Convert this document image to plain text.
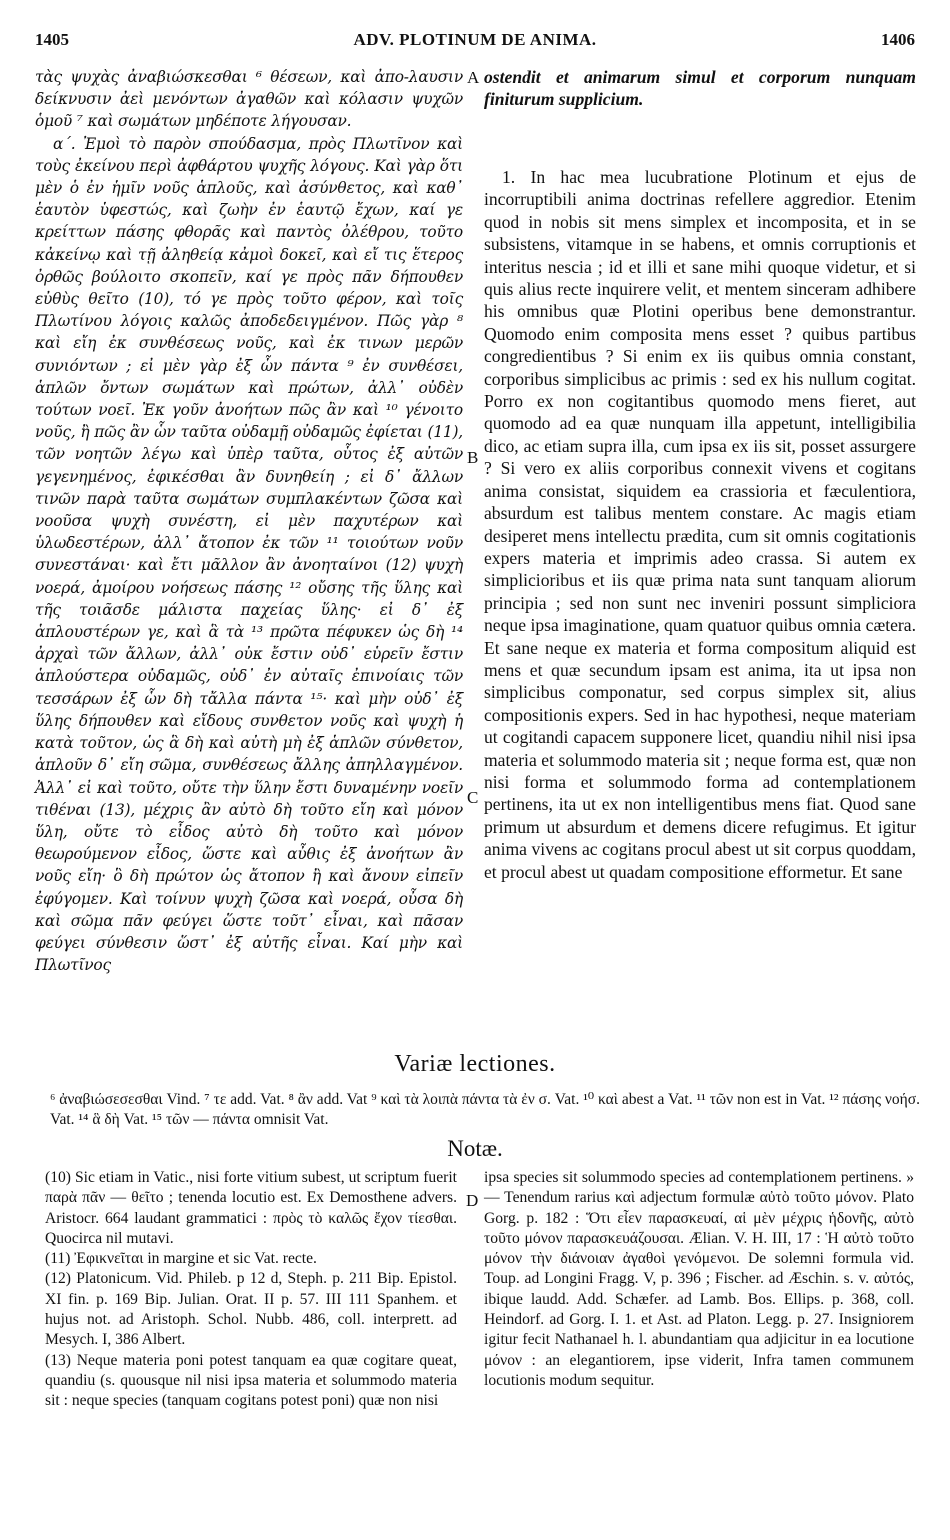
1405	ADV. PLOTINUM DE ANIMA.	1406

τὰς ψυχὰς ἀναβιώσκεσθαι ⁶ θέσεων, καὶ ἀπο-λαυσιν δείκνυσιν ἀεὶ μενόντων ἀγαθῶν καὶ κόλασιν ψυχῶν ὁμοῦ ⁷ καὶ σωμάτων μηδέποτε λήγουσαν.

α΄. Ἐμοὶ τὸ παρὸν σπούδασμα, πρὸς Πλωτῖνον καὶ τοὺς ἐκείνου περὶ ἀφθάρτου ψυχῆς λόγους. Καὶ γὰρ ὅτι μὲν ὁ ἐν ἡμῖν νοῦς ἁπλοῦς, καὶ ἀσύνθετος, καὶ καθ᾽ ἑαυτὸν ὑφεστώς, καὶ ζωὴν ἐν ἑαυτῷ ἔχων, καί γε κρείττων πάσης φθορᾶς καὶ παντὸς ὀλέθρου, τοῦτο κἀκείνῳ καὶ τῇ ἀληθείᾳ κἀμοὶ δοκεῖ, καὶ εἴ τις ἕτερος ὀρθῶς βούλοιτο σκοπεῖν, καί γε πρὸς πᾶν δήπουθεν εὐθὺς θεῖτο (10), τό γε πρὸς τοῦτο φέρον, καὶ τοῖς Πλωτίνου λόγοις καλῶς ἀποδεδειγμένον. Πῶς γὰρ ⁸ καὶ εἴη ἐκ συνθέσεως νοῦς, καὶ ἐκ τινων μερῶν συνιόντων ; εἰ μὲν γὰρ ἐξ ὧν πάντα ⁹ ἐν συνθέσει, ἁπλῶν ὄντων σωμάτων καὶ πρώτων, ἀλλ᾽ οὐδὲν τούτων νοεῖ. Ἐκ γοῦν ἀνοήτων πῶς ἂν καὶ ¹⁰ γένοιτο νοῦς, ἢ πῶς ἂν ὧν ταῦτα οὐδαμῇ οὐδαμῶς ἐφίεται (11), τῶν νοητῶν λέγω καὶ ὑπὲρ ταῦτα, οὗτος ἐξ αὐτῶν γεγενημένος, ἐφικέσθαι ἂν δυνηθείη ; εἰ δ᾽ ἄλλων τινῶν παρὰ ταῦτα σωμάτων συμπλακέντων ζῶσα καὶ νοοῦσα ψυχὴ συνέστη, εἰ μὲν παχυτέρων καὶ ὑλωδεστέρων, ἀλλ᾽ ἄτοπον ἐκ τῶν ¹¹ τοιούτων νοῦν συνεστάναι· καὶ ἔτι μᾶλλον ἂν ἀνοηταίνοι (12) ψυχὴ νοερά, ἀμοίρου νοήσεως πάσης ¹² οὔσης τῆς ὕλης καὶ τῆς τοιᾶσδε μάλιστα παχείας ὕλης· εἰ δ᾽ ἐξ ἁπλουστέρων γε, καὶ ἃ τὰ ¹³ πρῶτα πέφυκεν ὡς δὴ ¹⁴ ἀρχαὶ τῶν ἄλλων, ἀλλ᾽ οὐκ ἔστιν οὐδ᾽ εὑρεῖν ἔστιν ἁπλούστερα οὐδαμῶς, οὐδ᾽ ἐν αὐταῖς ἐπινοίαις τῶν τεσσάρων ἐξ ὧν δὴ τἄλλα πάντα ¹⁵· καὶ μὴν οὐδ᾽ ἐξ ὕλης δήπουθεν καὶ εἴδους συνθετον νοῦς καὶ ψυχὴ ἡ κατὰ τοῦτον, ὡς ἃ δὴ καὶ αὐτὴ μὴ ἐξ ἁπλῶν σύνθετον, ἁπλοῦν δ᾽ εἴη σῶμα, συνθέσεως ἄλλης ἀπηλλαγμένον. Ἀλλ᾽ εἰ καὶ τοῦτο, οὔτε τὴν ὕλην ἔστι δυναμένην νοεῖν τιθέναι (13), μέχρις ἂν αὐτὸ δὴ τοῦτο εἴη καὶ μόνον ὕλη, οὔτε τὸ εἶδος αὐτὸ δὴ τοῦτο καὶ μόνον θεωρούμενον εἶδος, ὥστε καὶ αὖθις ἐξ ἀνοήτων ἂν νοῦς εἴη· ὃ δὴ πρώτον ὡς ἄτοπον ἢ καὶ ἄνουν εἰπεῖν ἐφύγομεν. Καὶ τοίνυν ψυχὴ ζῶσα καὶ νοερά, οὖσα δὴ καὶ σῶμα πᾶν φεύγει ὥστε τοῦτ᾽ εἶναι, καὶ πᾶσαν φεύγει σύνθεσιν ὥστ᾽ ἐξ αὐτῆς εἶναι. Καί μὴν καὶ Πλωτῖνος

A
B
C
D

ostendit et animarum simul et corporum nunquam finiturum supplicium.

1. In hac mea lucubratione Plotinum et ejus de incorruptibili anima doctrinas refellere aggredior. Etenim quod in nobis sit mens simplex et incomposita, et in se subsistens, vitamque in se habens, et omnis corruptionis et interitus nescia ; id et illi et sane mihi quoque videtur, et si quis alius recte inquirere velit, et mentem sinceram adhibere his omnibus quæ Plotini operibus bene demonstrantur. Quomodo enim composita mens esset ? quibus partibus congredientibus ? Si enim ex iis quibus omnia constant, corporibus simplicibus ac primis : sed ex his nullum cogitat. Porro ex non cogitantibus quomodo mens fieret, aut quomodo ad ea quæ nunquam illa appetunt, intelligibilia dico, ac etiam supra illa, cum ipsa ex iis sit, posset assurgere ? Si vero ex aliis corporibus connexit vivens et cogitans anima consistat, siquidem ea crassioria et fæculentiora, absurdum est talibus mentem constare. Ac magis etiam desiperet mens intellectu prædita, cum sit omnis cogitationis expers materia et imprimis adeo crassa. Si autem ex simplicioribus et iis quæ prima nata sunt tanquam aliorum principia ; sed non sunt nec inveniri possunt simpliciora neque ipsa imaginatione, quam quatuor quibus omnia cætera. Et sane neque ex materia et forma compositum aliquid est mens et quæ secundum ipsam est anima, ita ut ipsa non simplicibus componatur, sed corpus simplex sit, alius compositionis expers. Sed in hac hypothesi, neque materiam ut cogitandi capacem supponere licet, quandiu nihil nisi ipsa materia et solummodo materia sit ; neque forma est, quæ non nisi forma et solummodo forma ad contemplationem pertinens, ita ut ex non intelligentibus mens fiat. Quod sane primum ut absurdum et demens dicere refugimus. Et igitur anima vivens ac cogitans procul abest ut sit corpus quoddam, et procul abest ut quadam compositione efformetur. Et sane

Variæ lectiones.
⁶ ἀναβιώσεσεσθαι Vind. ⁷ τε add. Vat. ⁸ ἂν add. Vat ⁹ καὶ τὰ λοιπὰ πάντα τὰ ἐν σ. Vat. ¹⁰ καὶ abest a Vat. ¹¹ τῶν non est in Vat. ¹² πάσης νοήσ. Vat. ¹⁴ ἃ δὴ Vat. ¹⁵ τῶν — πάντα omnisit Vat.
Notæ.

(10) Sic etiam in Vatic., nisi forte vitium subest, ut scriptum fuerit παρὰ πᾶν — θεῖτο ; tenenda locutio est. Ex Demosthene advers. Aristocr. 664 laudant grammatici : πρὸς τὸ καλῶς ἔχον τίεσθαι. Quocirca nil mutavi.

(11) Ἐφικνεῖται in margine et sic Vat. recte.

(12) Platonicum. Vid. Phileb. p 12 d, Steph. p. 211 Bip. Epistol. XI fin. p. 169 Bip. Julian. Orat. II p. 57. III 111 Spanhem. et hujus not. ad Aristoph. Schol. Nubb. 486, coll. interprett. ad Mesych. I, 386 Albert.

(13) Neque materia poni potest tanquam ea quæ cogitare queat, quandiu (s. quousque nil nisi ipsa materia et solummodo materia sit : neque species (tanquam cogitans potest poni) quæ non nisi

ipsa species sit solummodo species ad contemplationem pertinens. » — Tenendum rarius καὶ adjectum formulæ αὐτὸ τοῦτο μόνον. Plato Gorg. p. 182 : Ὅτι εἶεν παρασκευαί, αἱ μὲν μέχρις ἡδονῆς, αὐτὸ τοῦτο μόνον παρασκευάζουσαι. Ælian. V. H. III, 17 : Ἡ αὐτὸ τοῦτο μόνον τὴν διάνοιαν ἀγαθοὶ γενόμενοι. De solemni formula vid. Toup. ad Longini Fragg. V, p. 396 ; Fischer. ad Æschin. s. v. αὐτός, ibique laudd. Add. Schæfer. ad Lamb. Bos. Ellips. p. 368, coll. Heindorf. ad Gorg. I. 1. et Ast. ad Platon. Legg. p. 27. Insigniorem igitur fecit Nathanael h. l. abundantiam qua adjicitur in ea locutione μόνον : an elegantiorem, ipse viderit, Infra tamen communem locutionis modum sequitur.
